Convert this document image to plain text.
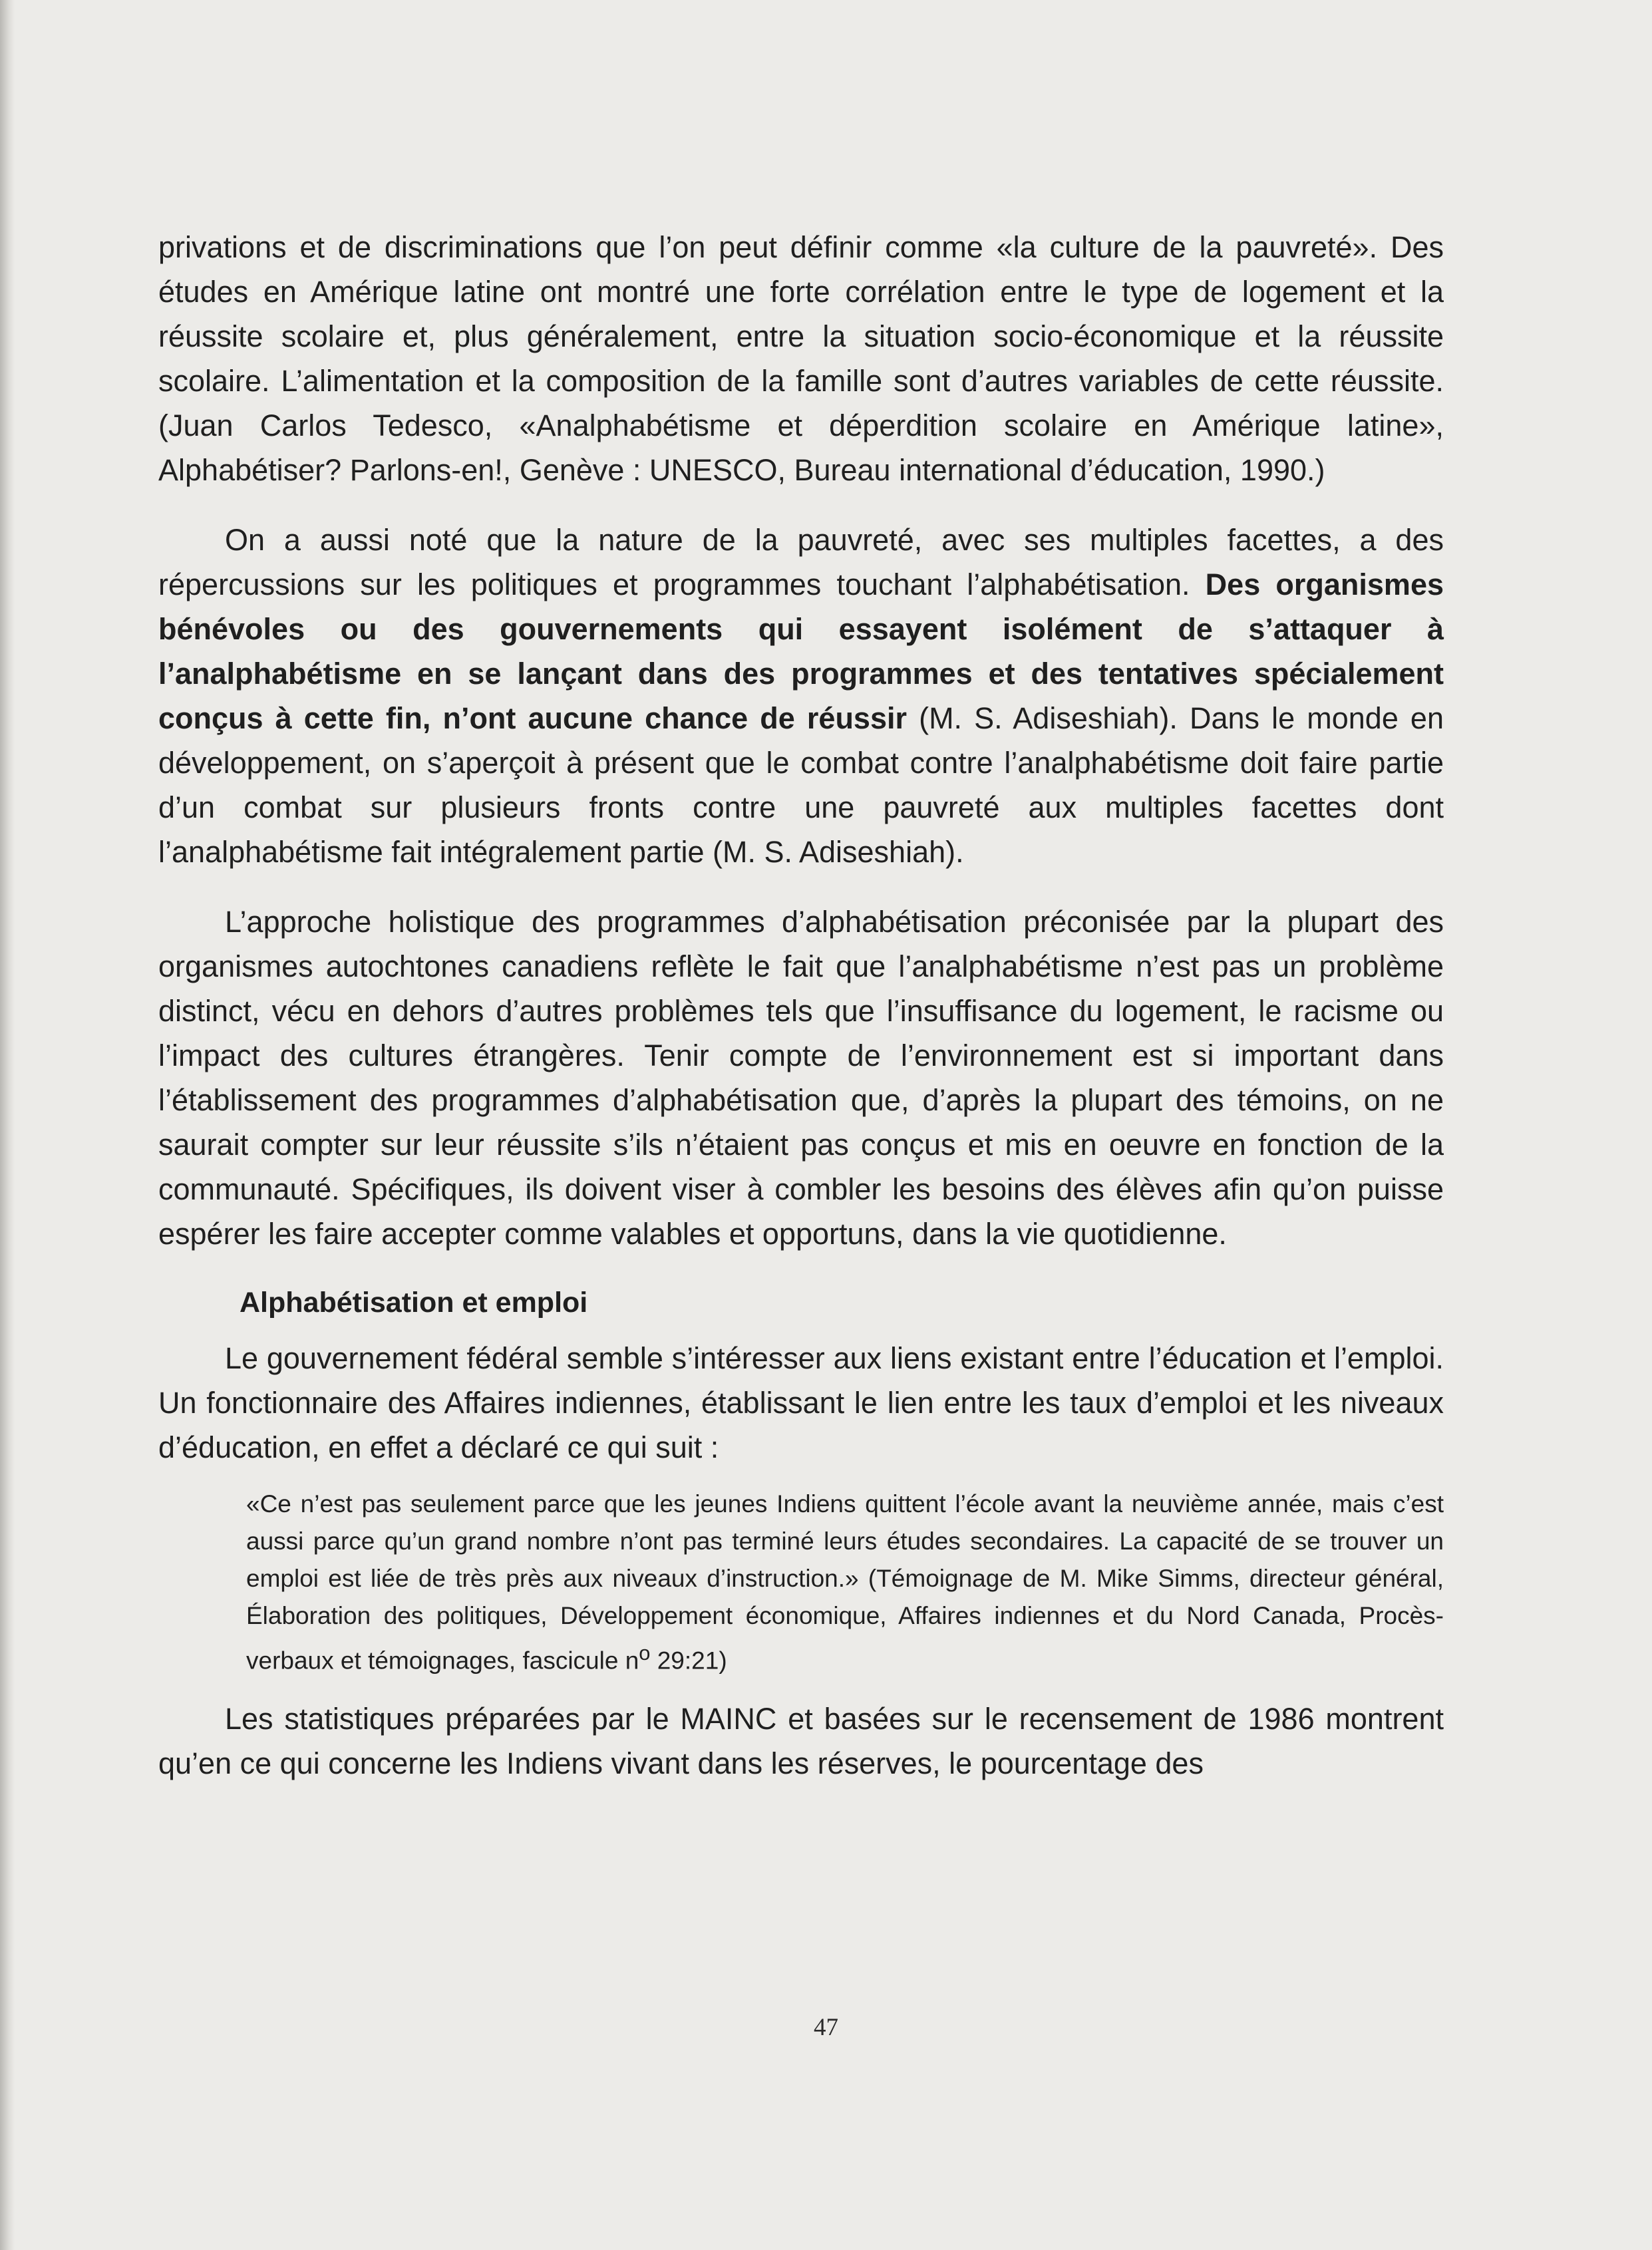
privations et de discriminations que l’on peut définir comme «la culture de la pauvreté». Des études en Amérique latine ont montré une forte corrélation entre le type de logement et la réussite scolaire et, plus généralement, entre la situation socio-économique et la réussite scolaire. L’alimentation et la composition de la famille sont d’autres variables de cette réussite. (Juan Carlos Tedesco, «Analphabétisme et déperdition scolaire en Amérique latine», Alphabétiser? Parlons-en!, Genève : UNESCO, Bureau international d’éducation, 1990.)

On a aussi noté que la nature de la pauvreté, avec ses multiples facettes, a des répercussions sur les politiques et programmes touchant l’alphabétisation. Des organismes bénévoles ou des gouvernements qui essayent isolément de s’attaquer à l’analphabétisme en se lançant dans des programmes et des tentatives spécialement conçus à cette fin, n’ont aucune chance de réussir (M. S. Adiseshiah). Dans le monde en développement, on s’aperçoit à présent que le combat contre l’analphabétisme doit faire partie d’un combat sur plusieurs fronts contre une pauvreté aux multiples facettes dont l’analphabétisme fait intégralement partie (M. S. Adiseshiah).

L’approche holistique des programmes d’alphabétisation préconisée par la plupart des organismes autochtones canadiens reflète le fait que l’analphabétisme n’est pas un problème distinct, vécu en dehors d’autres problèmes tels que l’insuffisance du logement, le racisme ou l’impact des cultures étrangères. Tenir compte de l’environnement est si important dans l’établissement des programmes d’alphabétisation que, d’après la plupart des témoins, on ne saurait compter sur leur réussite s’ils n’étaient pas conçus et mis en oeuvre en fonction de la communauté. Spécifiques, ils doivent viser à combler les besoins des élèves afin qu’on puisse espérer les faire accepter comme valables et opportuns, dans la vie quotidienne.

Alphabétisation et emploi

Le gouvernement fédéral semble s’intéresser aux liens existant entre l’éducation et l’emploi. Un fonctionnaire des Affaires indiennes, établissant le lien entre les taux d’emploi et les niveaux d’éducation, en effet a déclaré ce qui suit :

«Ce n’est pas seulement parce que les jeunes Indiens quittent l’école avant la neuvième année, mais c’est aussi parce qu’un grand nombre n’ont pas terminé leurs études secondaires. La capacité de se trouver un emploi est liée de très près aux niveaux d’instruction.» (Témoignage de M. Mike Simms, directeur général, Élaboration des politiques, Développement économique, Affaires indiennes et du Nord Canada, Procès-verbaux et témoignages, fascicule $n^o$ 29:21)

Les statistiques préparées par le MAINC et basées sur le recensement de 1986 montrent qu’en ce qui concerne les Indiens vivant dans les réserves, le pourcentage des

47
